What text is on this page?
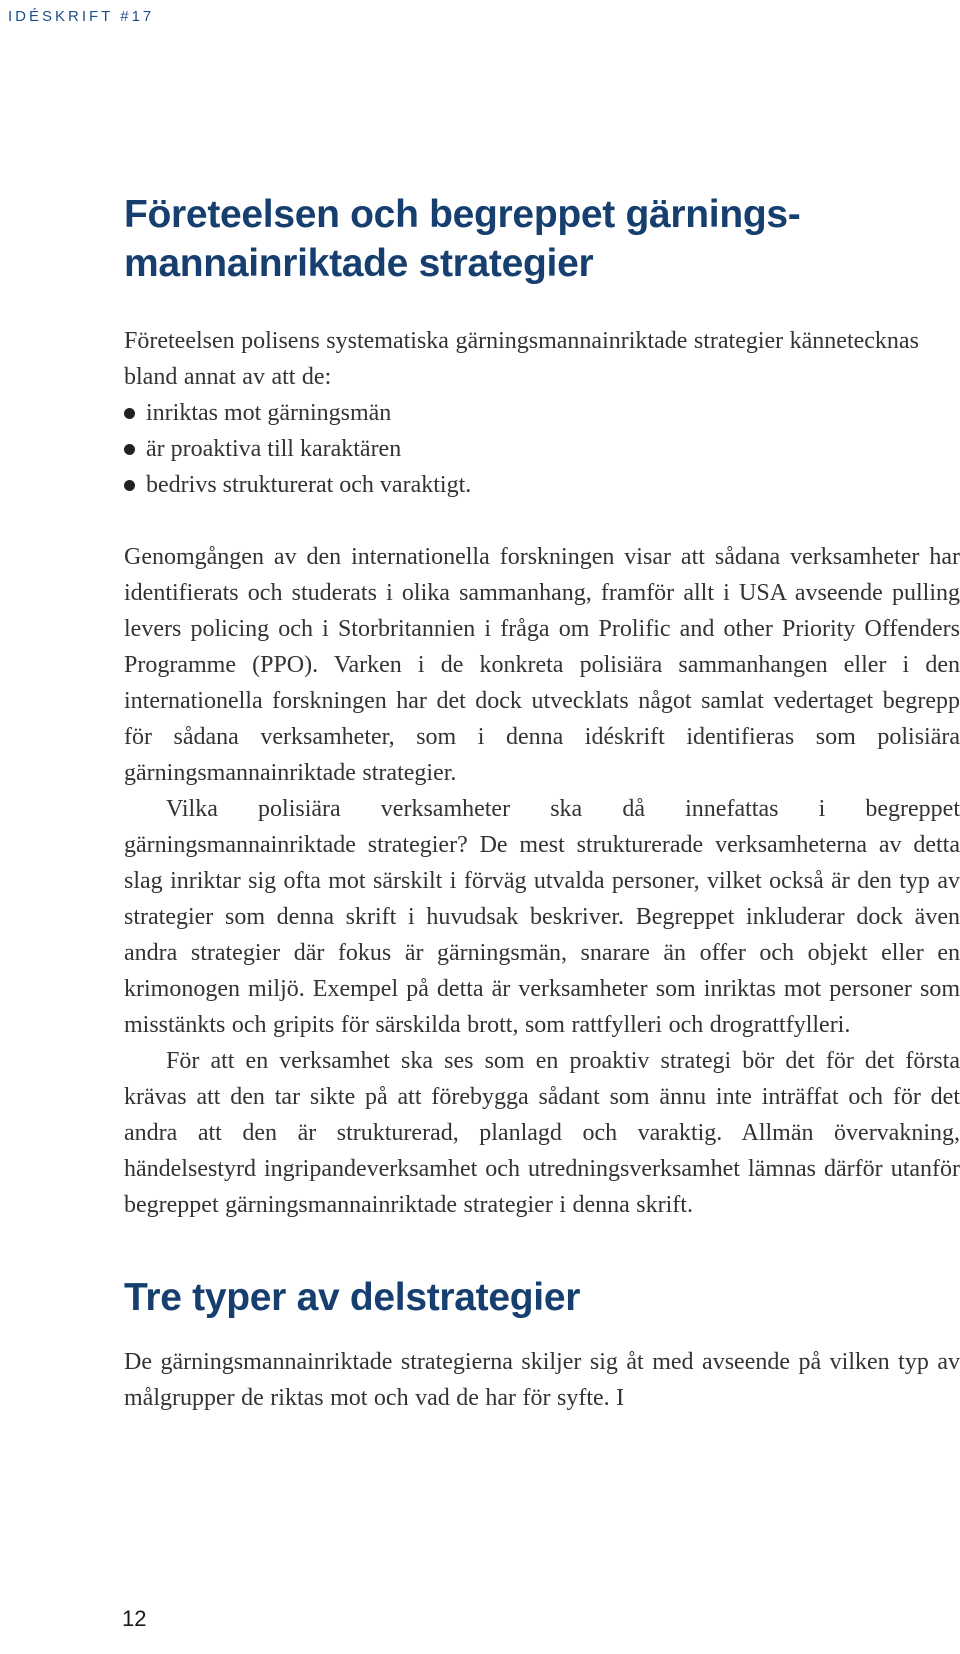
IDÉSKRIFT #17
Företeelsen och begreppet gärnings-
mannainriktade strategier

Företeelsen polisens systematiska gärningsmannainriktade strategier kännetecknas bland annat av att de:

inriktas mot gärningsmän
är proaktiva till karaktären
bedrivs strukturerat och varaktigt.

Genomgången av den internationella forskningen visar att sådana verksamheter har identifierats och studerats i olika sammanhang, framför allt i USA avseende pulling levers policing och i Storbritannien i fråga om Prolific and other Priority Offenders Programme (PPO). Varken i de konkreta polisiära sammanhangen eller i den internationella forskningen har det dock utvecklats något samlat vedertaget begrepp för sådana verksamheter, som i denna idéskrift identifieras som polisiära gärningsmannainriktade strategier.

Vilka polisiära verksamheter ska då innefattas i begreppet gärningsmannainriktade strategier? De mest strukturerade verksamheterna av detta slag inriktar sig ofta mot särskilt i förväg utvalda personer, vilket också är den typ av strategier som denna skrift i huvudsak beskriver. Begreppet inkluderar dock även andra strategier där fokus är gärningsmän, snarare än offer och objekt eller en krimonogen miljö. Exempel på detta är verksamheter som inriktas mot personer som misstänkts och gripits för särskilda brott, som rattfylleri och drograttfylleri.

För att en verksamhet ska ses som en proaktiv strategi bör det för det första krävas att den tar sikte på att förebygga sådant som ännu inte inträffat och för det andra att den är strukturerad, planlagd och varaktig. Allmän övervakning, händelsestyrd ingripandeverksamhet och utredningsverksamhet lämnas därför utanför begreppet gärningsmannainriktade strategier i denna skrift.

Tre typer av delstrategier

De gärningsmannainriktade strategierna skiljer sig åt med avseende på vilken typ av målgrupper de riktas mot och vad de har för syfte. I

12
